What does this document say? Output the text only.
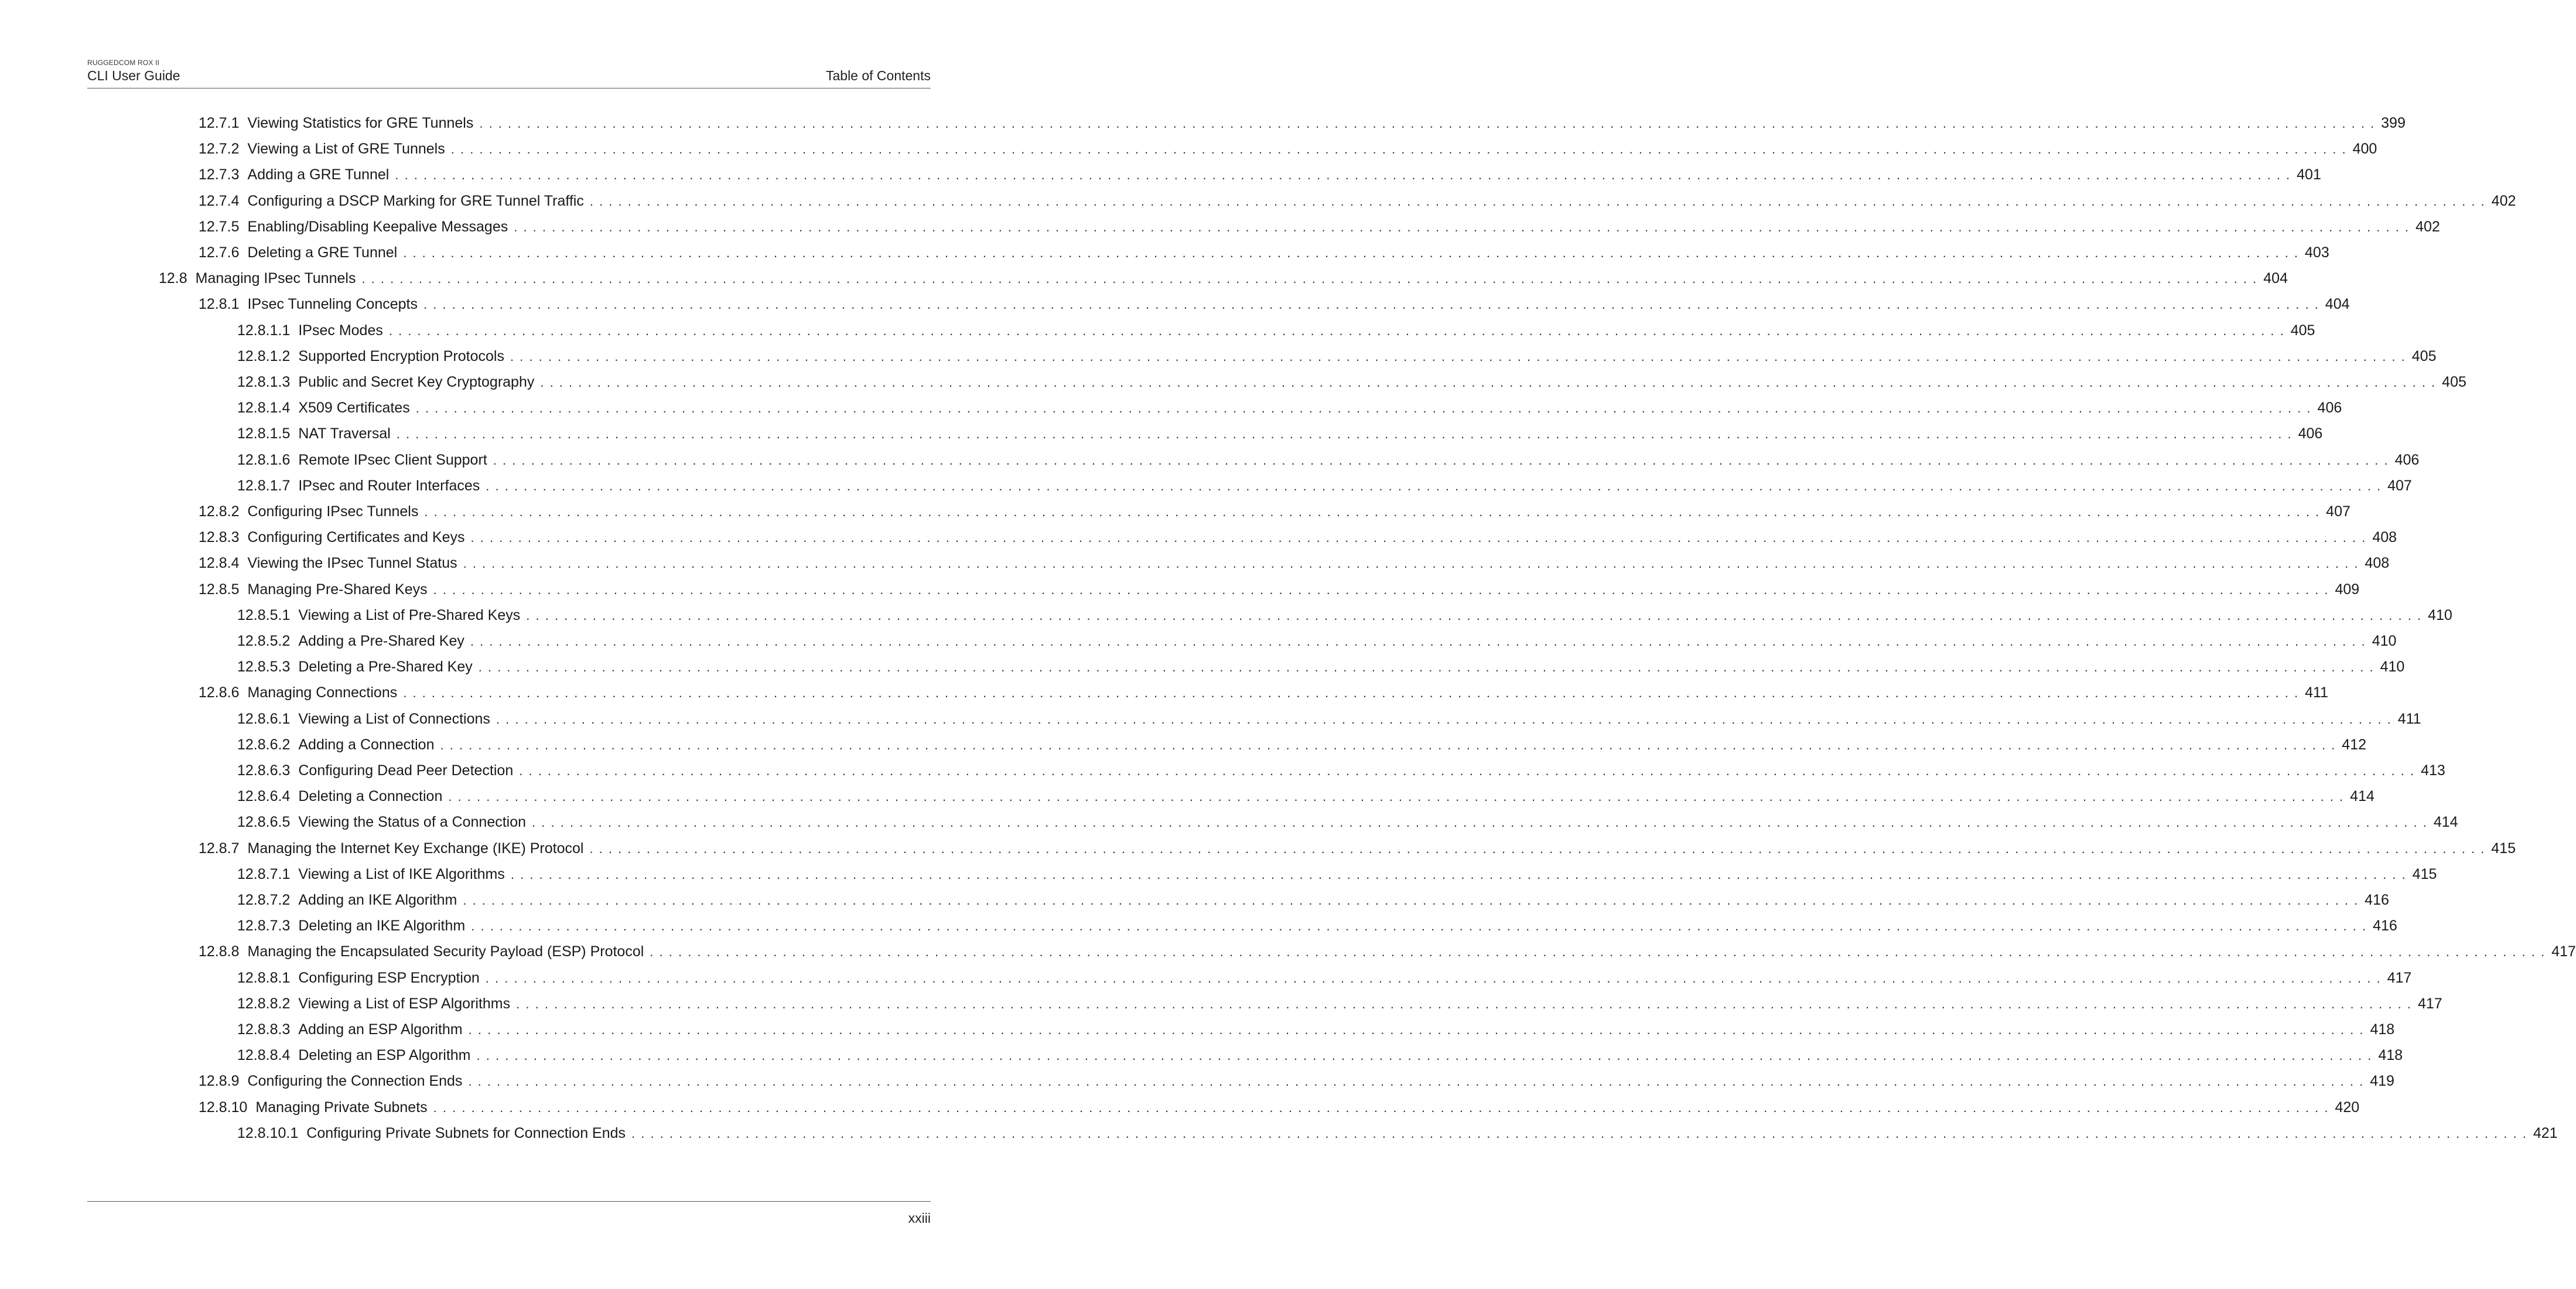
RUGGEDCOM ROX II
CLI User Guide	Table of Contents
12.7.1 Viewing Statistics for GRE Tunnels . . . . . . . . . . . . . . . . . . . . . . . . . . . . . . . . . . . . . . . . . . . . . . . . . . . . . . . . . . . . . . . . . . . . . . . . . . . . . . . . . . . . . . . . . . . . . . . . . . . . . . . . . . . . . . . . . . . . . . . . . . . . . . . . . . . . . . . . . . . . . . . . . . . . . . . . . . . . . . . . . . . . . . . . . . . . . . . . . . . . . . . . . . . . . . . . . . . . . . . . 399
12.7.2 Viewing a List of GRE Tunnels . . . . . . . . . . . . . . . . . . . . . . . . . . . . . . . . . . . . . . . . . . . . . . . . . . . . . . . . . . . . . . . . . . . . . . . . . . . . . . . . . . . . . . . . . . . . . . . . . . . . . . . . . . . . . . . . . . . . . . . . . . . . . . . . . . . . . . . . . . . . . . . . . . . . . . . . . . . . . . . . . . . . . . . . . . . . . . . . . . . . . . . . . . . . . . . . . . . . . . . . 400
12.7.3 Adding a GRE Tunnel . . . . . . . . . . . . . . . . . . . . . . . . . . . . . . . . . . . . . . . . . . . . . . . . . . . . . . . . . . . . . . . . . . . . . . . . . . . . . . . . . . . . . . . . . . . . . . . . . . . . . . . . . . . . . . . . . . . . . . . . . . . . . . . . . . . . . . . . . . . . . . . . . . . . . . . . . . . . . . . . . . . . . . . . . . . . . . . . . . . . . . . . . . . . . . . . . . . . . . . . 401
12.7.4 Configuring a DSCP Marking for GRE Tunnel Traffic . . . . . . . . . . . . . . . . . . . . . . . . . . . . . . . . . . . . . . . . . . . . . . . . . . . . . . . . . . . . . . . . . . . . . . . . . . . . . . . . . . . . . . . . . . . . . . . . . . . . . . . . . . . . . . . . . . . . . . . . . . . . . . . . . . . . . . . . . . . . . . . . . . . . . . . . . . . . . . . . . . . . . . . . . . . . . . . . . . . . . . . . . . . . . . . . . . . . . . . . 402
12.7.5 Enabling/Disabling Keepalive Messages . . . . . . . . . . . . . . . . . . . . . . . . . . . . . . . . . . . . . . . . . . . . . . . . . . . . . . . . . . . . . . . . . . . . . . . . . . . . . . . . . . . . . . . . . . . . . . . . . . . . . . . . . . . . . . . . . . . . . . . . . . . . . . . . . . . . . . . . . . . . . . . . . . . . . . . . . . . . . . . . . . . . . . . . . . . . . . . . . . . . . . . . . . . . . . . . . . . . . . . . 402
12.7.6 Deleting a GRE Tunnel . . . . . . . . . . . . . . . . . . . . . . . . . . . . . . . . . . . . . . . . . . . . . . . . . . . . . . . . . . . . . . . . . . . . . . . . . . . . . . . . . . . . . . . . . . . . . . . . . . . . . . . . . . . . . . . . . . . . . . . . . . . . . . . . . . . . . . . . . . . . . . . . . . . . . . . . . . . . . . . . . . . . . . . . . . . . . . . . . . . . . . . . . . . . . . . . . . . . . . . . 403
12.8 Managing IPsec Tunnels . . . . . . . . . . . . . . . . . . . . . . . . . . . . . . . . . . . . . . . . . . . . . . . . . . . . . . . . . . . . . . . . . . . . . . . . . . . . . . . . . . . . . . . . . . . . . . . . . . . . . . . . . . . . . . . . . . . . . . . . . . . . . . . . . . . . . . . . . . . . . . . . . . . . . . . . . . . . . . . . . . . . . . . . . . . . . . . . . . . . . . . . . . . . . . . . . . . . . . . . 404
12.8.1 IPsec Tunneling Concepts . . . . . . . . . . . . . . . . . . . . . . . . . . . . . . . . . . . . . . . . . . . . . . . . . . . . . . . . . . . . . . . . . . . . . . . . . . . . . . . . . . . . . . . . . . . . . . . . . . . . . . . . . . . . . . . . . . . . . . . . . . . . . . . . . . . . . . . . . . . . . . . . . . . . . . . . . . . . . . . . . . . . . . . . . . . . . . . . . . . . . . . . . . . . . . . . . . . . . . . . 404
12.8.1.1 IPsec Modes . . . . . . . . . . . . . . . . . . . . . . . . . . . . . . . . . . . . . . . . . . . . . . . . . . . . . . . . . . . . . . . . . . . . . . . . . . . . . . . . . . . . . . . . . . . . . . . . . . . . . . . . . . . . . . . . . . . . . . . . . . . . . . . . . . . . . . . . . . . . . . . . . . . . . . . . . . . . . . . . . . . . . . . . . . . . . . . . . . . . . . . . . . . . . . . . . . . . . . . . 405
12.8.1.2 Supported Encryption Protocols . . . . . . . . . . . . . . . . . . . . . . . . . . . . . . . . . . . . . . . . . . . . . . . . . . . . . . . . . . . . . . . . . . . . . . . . . . . . . . . . . . . . . . . . . . . . . . . . . . . . . . . . . . . . . . . . . . . . . . . . . . . . . . . . . . . . . . . . . . . . . . . . . . . . . . . . . . . . . . . . . . . . . . . . . . . . . . . . . . . . . . . . . . . . . . . . . . . . . . . . 405
12.8.1.3 Public and Secret Key Cryptography . . . . . . . . . . . . . . . . . . . . . . . . . . . . . . . . . . . . . . . . . . . . . . . . . . . . . . . . . . . . . . . . . . . . . . . . . . . . . . . . . . . . . . . . . . . . . . . . . . . . . . . . . . . . . . . . . . . . . . . . . . . . . . . . . . . . . . . . . . . . . . . . . . . . . . . . . . . . . . . . . . . . . . . . . . . . . . . . . . . . . . . . . . . . . . . . . . . . . . . . 405
12.8.1.4 X509 Certificates . . . . . . . . . . . . . . . . . . . . . . . . . . . . . . . . . . . . . . . . . . . . . . . . . . . . . . . . . . . . . . . . . . . . . . . . . . . . . . . . . . . . . . . . . . . . . . . . . . . . . . . . . . . . . . . . . . . . . . . . . . . . . . . . . . . . . . . . . . . . . . . . . . . . . . . . . . . . . . . . . . . . . . . . . . . . . . . . . . . . . . . . . . . . . . . . . . . . . . . . 406
12.8.1.5 NAT Traversal . . . . . . . . . . . . . . . . . . . . . . . . . . . . . . . . . . . . . . . . . . . . . . . . . . . . . . . . . . . . . . . . . . . . . . . . . . . . . . . . . . . . . . . . . . . . . . . . . . . . . . . . . . . . . . . . . . . . . . . . . . . . . . . . . . . . . . . . . . . . . . . . . . . . . . . . . . . . . . . . . . . . . . . . . . . . . . . . . . . . . . . . . . . . . . . . . . . . . . . . 406
12.8.1.6 Remote IPsec Client Support . . . . . . . . . . . . . . . . . . . . . . . . . . . . . . . . . . . . . . . . . . . . . . . . . . . . . . . . . . . . . . . . . . . . . . . . . . . . . . . . . . . . . . . . . . . . . . . . . . . . . . . . . . . . . . . . . . . . . . . . . . . . . . . . . . . . . . . . . . . . . . . . . . . . . . . . . . . . . . . . . . . . . . . . . . . . . . . . . . . . . . . . . . . . . . . . . . . . . . . . 406
12.8.1.7 IPsec and Router Interfaces . . . . . . . . . . . . . . . . . . . . . . . . . . . . . . . . . . . . . . . . . . . . . . . . . . . . . . . . . . . . . . . . . . . . . . . . . . . . . . . . . . . . . . . . . . . . . . . . . . . . . . . . . . . . . . . . . . . . . . . . . . . . . . . . . . . . . . . . . . . . . . . . . . . . . . . . . . . . . . . . . . . . . . . . . . . . . . . . . . . . . . . . . . . . . . . . . . . . . . . . 407
12.8.2 Configuring IPsec Tunnels . . . . . . . . . . . . . . . . . . . . . . . . . . . . . . . . . . . . . . . . . . . . . . . . . . . . . . . . . . . . . . . . . . . . . . . . . . . . . . . . . . . . . . . . . . . . . . . . . . . . . . . . . . . . . . . . . . . . . . . . . . . . . . . . . . . . . . . . . . . . . . . . . . . . . . . . . . . . . . . . . . . . . . . . . . . . . . . . . . . . . . . . . . . . . . . . . . . . . . . . 407
12.8.3 Configuring Certificates and Keys . . . . . . . . . . . . . . . . . . . . . . . . . . . . . . . . . . . . . . . . . . . . . . . . . . . . . . . . . . . . . . . . . . . . . . . . . . . . . . . . . . . . . . . . . . . . . . . . . . . . . . . . . . . . . . . . . . . . . . . . . . . . . . . . . . . . . . . . . . . . . . . . . . . . . . . . . . . . . . . . . . . . . . . . . . . . . . . . . . . . . . . . . . . . . . . . . . . . . . . . 408
12.8.4 Viewing the IPsec Tunnel Status . . . . . . . . . . . . . . . . . . . . . . . . . . . . . . . . . . . . . . . . . . . . . . . . . . . . . . . . . . . . . . . . . . . . . . . . . . . . . . . . . . . . . . . . . . . . . . . . . . . . . . . . . . . . . . . . . . . . . . . . . . . . . . . . . . . . . . . . . . . . . . . . . . . . . . . . . . . . . . . . . . . . . . . . . . . . . . . . . . . . . . . . . . . . . . . . . . . . . . . . 408
12.8.5 Managing Pre-Shared Keys . . . . . . . . . . . . . . . . . . . . . . . . . . . . . . . . . . . . . . . . . . . . . . . . . . . . . . . . . . . . . . . . . . . . . . . . . . . . . . . . . . . . . . . . . . . . . . . . . . . . . . . . . . . . . . . . . . . . . . . . . . . . . . . . . . . . . . . . . . . . . . . . . . . . . . . . . . . . . . . . . . . . . . . . . . . . . . . . . . . . . . . . . . . . . . . . . . . . . . . . 409
12.8.5.1 Viewing a List of Pre-Shared Keys . . . . . . . . . . . . . . . . . . . . . . . . . . . . . . . . . . . . . . . . . . . . . . . . . . . . . . . . . . . . . . . . . . . . . . . . . . . . . . . . . . . . . . . . . . . . . . . . . . . . . . . . . . . . . . . . . . . . . . . . . . . . . . . . . . . . . . . . . . . . . . . . . . . . . . . . . . . . . . . . . . . . . . . . . . . . . . . . . . . . . . . . . . . . . . . . . . . . . . . . 410
12.8.5.2 Adding a Pre-Shared Key . . . . . . . . . . . . . . . . . . . . . . . . . . . . . . . . . . . . . . . . . . . . . . . . . . . . . . . . . . . . . . . . . . . . . . . . . . . . . . . . . . . . . . . . . . . . . . . . . . . . . . . . . . . . . . . . . . . . . . . . . . . . . . . . . . . . . . . . . . . . . . . . . . . . . . . . . . . . . . . . . . . . . . . . . . . . . . . . . . . . . . . . . . . . . . . . . . . . . . . . 410
12.8.5.3 Deleting a Pre-Shared Key . . . . . . . . . . . . . . . . . . . . . . . . . . . . . . . . . . . . . . . . . . . . . . . . . . . . . . . . . . . . . . . . . . . . . . . . . . . . . . . . . . . . . . . . . . . . . . . . . . . . . . . . . . . . . . . . . . . . . . . . . . . . . . . . . . . . . . . . . . . . . . . . . . . . . . . . . . . . . . . . . . . . . . . . . . . . . . . . . . . . . . . . . . . . . . . . . . . . . . . . 410
12.8.6 Managing Connections . . . . . . . . . . . . . . . . . . . . . . . . . . . . . . . . . . . . . . . . . . . . . . . . . . . . . . . . . . . . . . . . . . . . . . . . . . . . . . . . . . . . . . . . . . . . . . . . . . . . . . . . . . . . . . . . . . . . . . . . . . . . . . . . . . . . . . . . . . . . . . . . . . . . . . . . . . . . . . . . . . . . . . . . . . . . . . . . . . . . . . . . . . . . . . . . . . . . . . . . 411
12.8.6.1 Viewing a List of Connections . . . . . . . . . . . . . . . . . . . . . . . . . . . . . . . . . . . . . . . . . . . . . . . . . . . . . . . . . . . . . . . . . . . . . . . . . . . . . . . . . . . . . . . . . . . . . . . . . . . . . . . . . . . . . . . . . . . . . . . . . . . . . . . . . . . . . . . . . . . . . . . . . . . . . . . . . . . . . . . . . . . . . . . . . . . . . . . . . . . . . . . . . . . . . . . . . . . . . . . . 411
12.8.6.2 Adding a Connection . . . . . . . . . . . . . . . . . . . . . . . . . . . . . . . . . . . . . . . . . . . . . . . . . . . . . . . . . . . . . . . . . . . . . . . . . . . . . . . . . . . . . . . . . . . . . . . . . . . . . . . . . . . . . . . . . . . . . . . . . . . . . . . . . . . . . . . . . . . . . . . . . . . . . . . . . . . . . . . . . . . . . . . . . . . . . . . . . . . . . . . . . . . . . . . . . . . . . . . . 412
12.8.6.3 Configuring Dead Peer Detection . . . . . . . . . . . . . . . . . . . . . . . . . . . . . . . . . . . . . . . . . . . . . . . . . . . . . . . . . . . . . . . . . . . . . . . . . . . . . . . . . . . . . . . . . . . . . . . . . . . . . . . . . . . . . . . . . . . . . . . . . . . . . . . . . . . . . . . . . . . . . . . . . . . . . . . . . . . . . . . . . . . . . . . . . . . . . . . . . . . . . . . . . . . . . . . . . . . . . . . . 413
12.8.6.4 Deleting a Connection . . . . . . . . . . . . . . . . . . . . . . . . . . . . . . . . . . . . . . . . . . . . . . . . . . . . . . . . . . . . . . . . . . . . . . . . . . . . . . . . . . . . . . . . . . . . . . . . . . . . . . . . . . . . . . . . . . . . . . . . . . . . . . . . . . . . . . . . . . . . . . . . . . . . . . . . . . . . . . . . . . . . . . . . . . . . . . . . . . . . . . . . . . . . . . . . . . . . . . . . 414
12.8.6.5 Viewing the Status of a Connection . . . . . . . . . . . . . . . . . . . . . . . . . . . . . . . . . . . . . . . . . . . . . . . . . . . . . . . . . . . . . . . . . . . . . . . . . . . . . . . . . . . . . . . . . . . . . . . . . . . . . . . . . . . . . . . . . . . . . . . . . . . . . . . . . . . . . . . . . . . . . . . . . . . . . . . . . . . . . . . . . . . . . . . . . . . . . . . . . . . . . . . . . . . . . . . . . . . . . . . . 414
12.8.7 Managing the Internet Key Exchange (IKE) Protocol . . . . . . . . . . . . . . . . . . . . . . . . . . . . . . . . . . . . . . . . . . . . . . . . . . . . . . . . . . . . . . . . . . . . . . . . . . . . . . . . . . . . . . . . . . . . . . . . . . . . . . . . . . . . . . . . . . . . . . . . . . . . . . . . . . . . . . . . . . . . . . . . . . . . . . . . . . . . . . . . . . . . . . . . . . . . . . . . . . . . . . . . . . . . . . . . . . . . . . . . 415
12.8.7.1 Viewing a List of IKE Algorithms . . . . . . . . . . . . . . . . . . . . . . . . . . . . . . . . . . . . . . . . . . . . . . . . . . . . . . . . . . . . . . . . . . . . . . . . . . . . . . . . . . . . . . . . . . . . . . . . . . . . . . . . . . . . . . . . . . . . . . . . . . . . . . . . . . . . . . . . . . . . . . . . . . . . . . . . . . . . . . . . . . . . . . . . . . . . . . . . . . . . . . . . . . . . . . . . . . . . . . . . 415
12.8.7.2 Adding an IKE Algorithm . . . . . . . . . . . . . . . . . . . . . . . . . . . . . . . . . . . . . . . . . . . . . . . . . . . . . . . . . . . . . . . . . . . . . . . . . . . . . . . . . . . . . . . . . . . . . . . . . . . . . . . . . . . . . . . . . . . . . . . . . . . . . . . . . . . . . . . . . . . . . . . . . . . . . . . . . . . . . . . . . . . . . . . . . . . . . . . . . . . . . . . . . . . . . . . . . . . . . . . . 416
12.8.7.3 Deleting an IKE Algorithm . . . . . . . . . . . . . . . . . . . . . . . . . . . . . . . . . . . . . . . . . . . . . . . . . . . . . . . . . . . . . . . . . . . . . . . . . . . . . . . . . . . . . . . . . . . . . . . . . . . . . . . . . . . . . . . . . . . . . . . . . . . . . . . . . . . . . . . . . . . . . . . . . . . . . . . . . . . . . . . . . . . . . . . . . . . . . . . . . . . . . . . . . . . . . . . . . . . . . . . . 416
12.8.8 Managing the Encapsulated Security Payload (ESP) Protocol . . . . . . . . . . . . . . . . . . . . . . . . . . . . . . . . . . . . . . . . . . . . . . . . . . . . . . . . . . . . . . . . . . . . . . . . . . . . . . . . . . . . . . . . . . . . . . . . . . . . . . . . . . . . . . . . . . . . . . . . . . . . . . . . . . . . . . . . . . . . . . . . . . . . . . . . . . . . . . . . . . . . . . . . . . . . . . . . . . . . . . . . . . . . . . . . . . . . . . . . 417
12.8.8.1 Configuring ESP Encryption . . . . . . . . . . . . . . . . . . . . . . . . . . . . . . . . . . . . . . . . . . . . . . . . . . . . . . . . . . . . . . . . . . . . . . . . . . . . . . . . . . . . . . . . . . . . . . . . . . . . . . . . . . . . . . . . . . . . . . . . . . . . . . . . . . . . . . . . . . . . . . . . . . . . . . . . . . . . . . . . . . . . . . . . . . . . . . . . . . . . . . . . . . . . . . . . . . . . . . . . 417
12.8.8.2 Viewing a List of ESP Algorithms . . . . . . . . . . . . . . . . . . . . . . . . . . . . . . . . . . . . . . . . . . . . . . . . . . . . . . . . . . . . . . . . . . . . . . . . . . . . . . . . . . . . . . . . . . . . . . . . . . . . . . . . . . . . . . . . . . . . . . . . . . . . . . . . . . . . . . . . . . . . . . . . . . . . . . . . . . . . . . . . . . . . . . . . . . . . . . . . . . . . . . . . . . . . . . . . . . . . . . . . 417
12.8.8.3 Adding an ESP Algorithm . . . . . . . . . . . . . . . . . . . . . . . . . . . . . . . . . . . . . . . . . . . . . . . . . . . . . . . . . . . . . . . . . . . . . . . . . . . . . . . . . . . . . . . . . . . . . . . . . . . . . . . . . . . . . . . . . . . . . . . . . . . . . . . . . . . . . . . . . . . . . . . . . . . . . . . . . . . . . . . . . . . . . . . . . . . . . . . . . . . . . . . . . . . . . . . . . . . . . . . . 418
12.8.8.4 Deleting an ESP Algorithm . . . . . . . . . . . . . . . . . . . . . . . . . . . . . . . . . . . . . . . . . . . . . . . . . . . . . . . . . . . . . . . . . . . . . . . . . . . . . . . . . . . . . . . . . . . . . . . . . . . . . . . . . . . . . . . . . . . . . . . . . . . . . . . . . . . . . . . . . . . . . . . . . . . . . . . . . . . . . . . . . . . . . . . . . . . . . . . . . . . . . . . . . . . . . . . . . . . . . . . . 418
12.8.9 Configuring the Connection Ends . . . . . . . . . . . . . . . . . . . . . . . . . . . . . . . . . . . . . . . . . . . . . . . . . . . . . . . . . . . . . . . . . . . . . . . . . . . . . . . . . . . . . . . . . . . . . . . . . . . . . . . . . . . . . . . . . . . . . . . . . . . . . . . . . . . . . . . . . . . . . . . . . . . . . . . . . . . . . . . . . . . . . . . . . . . . . . . . . . . . . . . . . . . . . . . . . . . . . . . . 419
12.8.10 Managing Private Subnets . . . . . . . . . . . . . . . . . . . . . . . . . . . . . . . . . . . . . . . . . . . . . . . . . . . . . . . . . . . . . . . . . . . . . . . . . . . . . . . . . . . . . . . . . . . . . . . . . . . . . . . . . . . . . . . . . . . . . . . . . . . . . . . . . . . . . . . . . . . . . . . . . . . . . . . . . . . . . . . . . . . . . . . . . . . . . . . . . . . . . . . . . . . . . . . . . . . . . . . . 420
12.8.10.1 Configuring Private Subnets for Connection Ends . . . . . . . . . . . . . . . . . . . . . . . . . . . . . . . . . . . . . . . . . . . . . . . . . . . . . . . . . . . . . . . . . . . . . . . . . . . . . . . . . . . . . . . . . . . . . . . . . . . . . . . . . . . . . . . . . . . . . . . . . . . . . . . . . . . . . . . . . . . . . . . . . . . . . . . . . . . . . . . . . . . . . . . . . . . . . . . . . . . . . . . . . . . . . . . . . . . . . . . . 421
xxiii
